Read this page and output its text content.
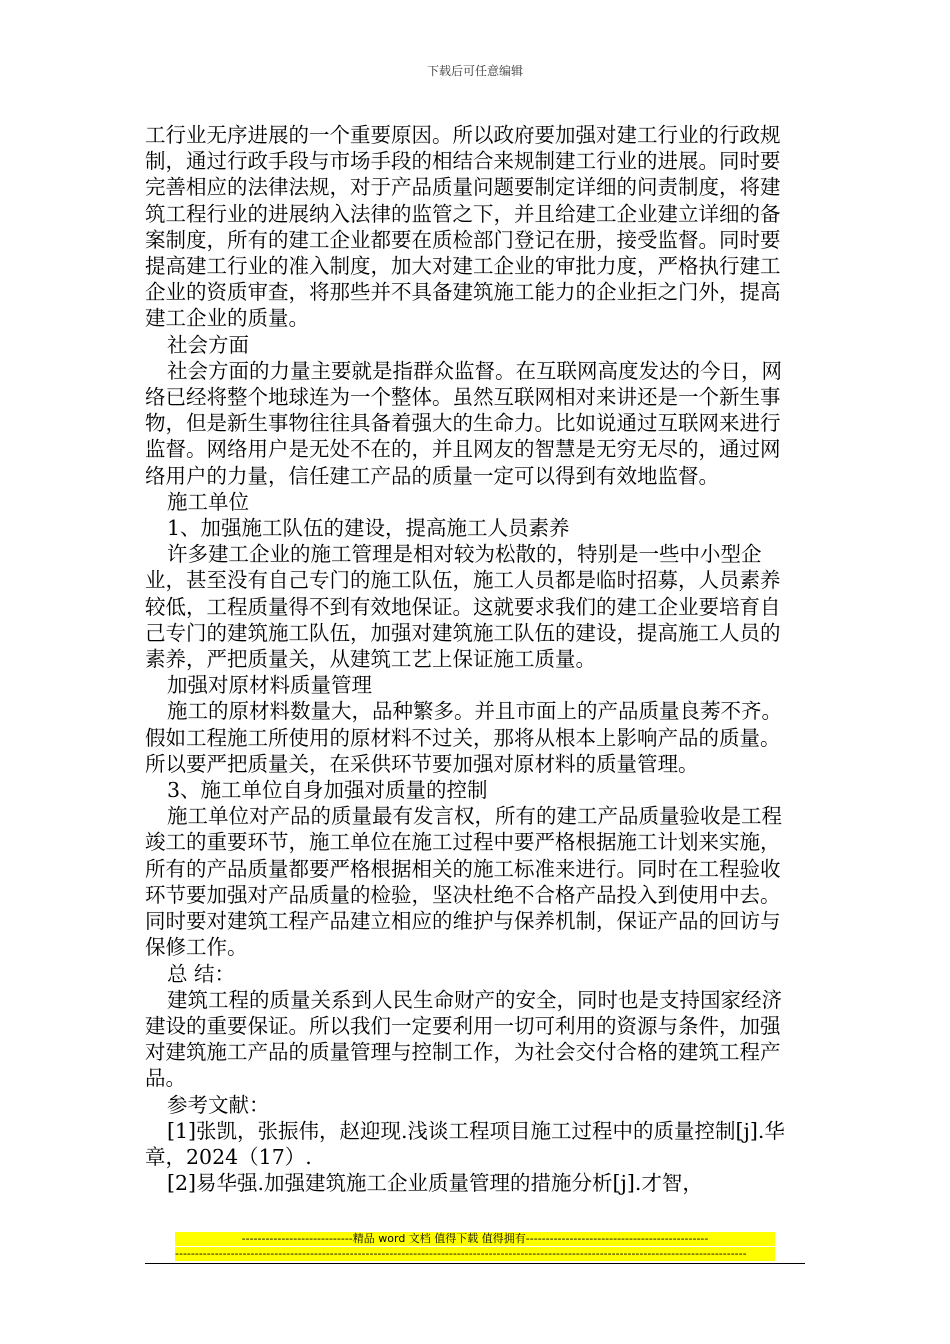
下载后可任意编辑

工行业无序进展的一个重要原因。所以政府要加强对建工行业的行政规制，通过行政手段与市场手段的相结合来规制建工行业的进展。同时要完善相应的法律法规，对于产品质量问题要制定详细的问责制度，将建筑工程行业的进展纳入法律的监管之下，并且给建工企业建立详细的备案制度，所有的建工企业都要在质检部门登记在册，接受监督。同时要提高建工行业的准入制度，加大对建工企业的审批力度，严格执行建工企业的资质审查，将那些并不具备建筑施工能力的企业拒之门外，提高建工企业的质量。

社会方面

社会方面的力量主要就是指群众监督。在互联网高度发达的今日，网络已经将整个地球连为一个整体。虽然互联网相对来讲还是一个新生事物，但是新生事物往往具备着强大的生命力。比如说通过互联网来进行监督。网络用户是无处不在的，并且网友的智慧是无穷无尽的，通过网络用户的力量，信任建工产品的质量一定可以得到有效地监督。

施工单位

1、加强施工队伍的建设，提高施工人员素养

许多建工企业的施工管理是相对较为松散的，特别是一些中小型企业，甚至没有自己专门的施工队伍，施工人员都是临时招募，人员素养较低，工程质量得不到有效地保证。这就要求我们的建工企业要培育自己专门的建筑施工队伍，加强对建筑施工队伍的建设，提高施工人员的素养，严把质量关，从建筑工艺上保证施工质量。

加强对原材料质量管理

施工的原材料数量大，品种繁多。并且市面上的产品质量良莠不齐。假如工程施工所使用的原材料不过关，那将从根本上影响产品的质量。所以要严把质量关，在采供环节要加强对原材料的质量管理。

3、施工单位自身加强对质量的控制

施工单位对产品的质量最有发言权，所有的建工产品质量验收是工程竣工的重要环节，施工单位在施工过程中要严格根据施工计划来实施，所有的产品质量都要严格根据相关的施工标准来进行。同时在工程验收环节要加强对产品质量的检验，坚决杜绝不合格产品投入到使用中去。同时要对建筑工程产品建立相应的维护与保养机制，保证产品的回访与保修工作。

总 结：

建筑工程的质量关系到人民生命财产的安全，同时也是支持国家经济建设的重要保证。所以我们一定要利用一切可利用的资源与条件，加强对建筑施工产品的质量管理与控制工作，为社会交付合格的建筑工程产品。

参考文献：

[1]张凯，张振伟，赵迎现.浅谈工程项目施工过程中的质量控制[j].华章，2024（17）.

[2]易华强.加强建筑施工企业质量管理的措施分析[j].才智，

----------------------------精品 word 文档 值得下载 值得拥有----------------------------------------------
------------------------------------------------------------------------------------------------------------------------------------------------
